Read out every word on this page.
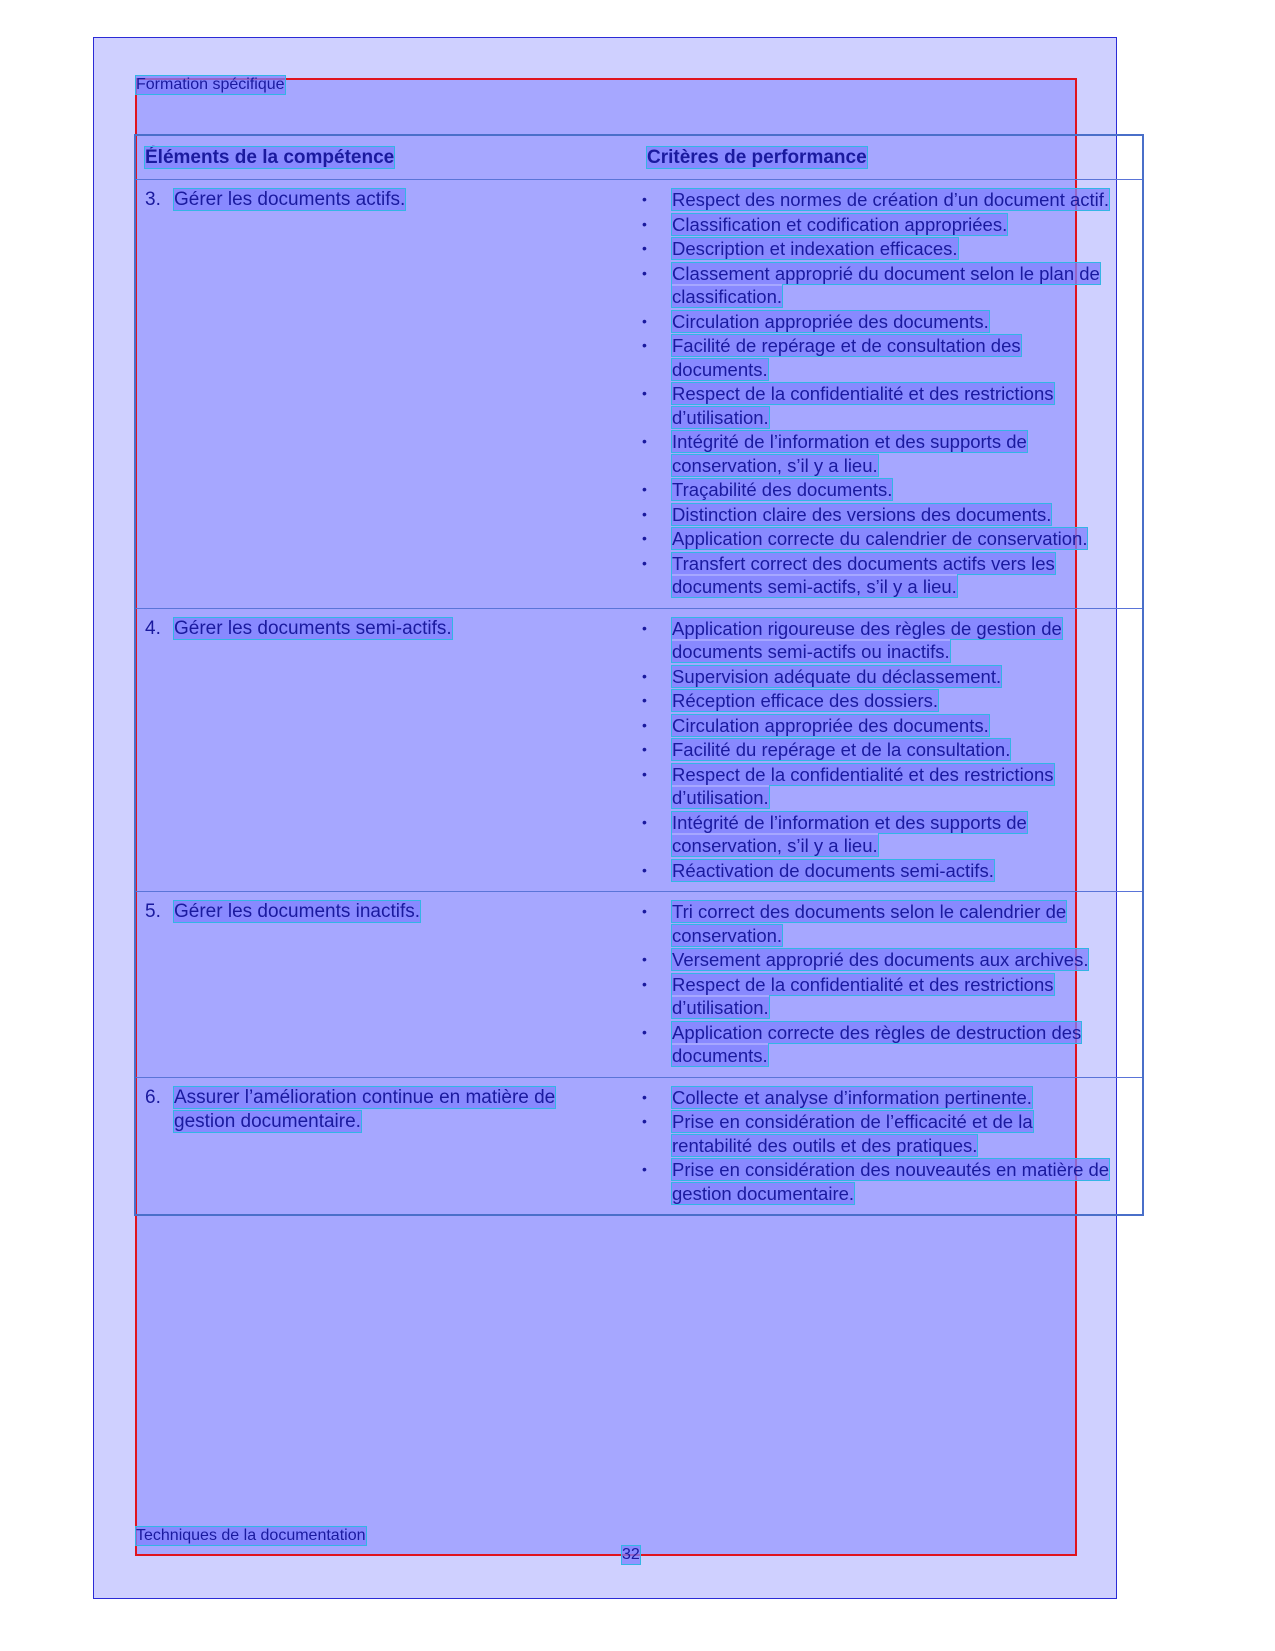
Formation spécifique
Éléments de la compétence	Critères de performance
3. Gérer les documents actifs.	•	Respect des normes de création d’un document actif.
•	Classification et codification appropriées.
•	Description et indexation efficaces.
•	Classement approprié du document selon le plan de classification.
•	Circulation appropriée des documents.
•	Facilité de repérage et de consultation des documents.
•	Respect de la confidentialité et des restrictions d’utilisation.
•	Intégrité de l’information et des supports de conservation, s’il y a lieu.
•	Traçabilité des documents.
•	Distinction claire des versions des documents.
•	Application correcte du calendrier de conservation.
•	Transfert correct des documents actifs vers les documents semi-actifs, s’il y a lieu.
4. Gérer les documents semi-actifs.	•	Application rigoureuse des règles de gestion de documents semi-actifs ou inactifs.
•	Supervision adéquate du déclassement.
•	Réception efficace des dossiers.
•	Circulation appropriée des documents.
•	Facilité du repérage et de la consultation.
•	Respect de la confidentialité et des restrictions d’utilisation.
•	Intégrité de l’information et des supports de conservation, s’il y a lieu.
•	Réactivation de documents semi-actifs.
5. Gérer les documents inactifs.	•	Tri correct des documents selon le calendrier de conservation.
•	Versement approprié des documents aux archives.
•	Respect de la confidentialité et des restrictions d’utilisation.
•	Application correcte des règles de destruction des documents.
6. Assurer l’amélioration continue en matière de gestion documentaire.
•	Collecte et analyse d’information pertinente.
•	Prise en considération de l’efficacité et de la rentabilité des outils et des pratiques.
•	Prise en considération des nouveautés en matière de gestion documentaire.
Techniques de la documentation
32
